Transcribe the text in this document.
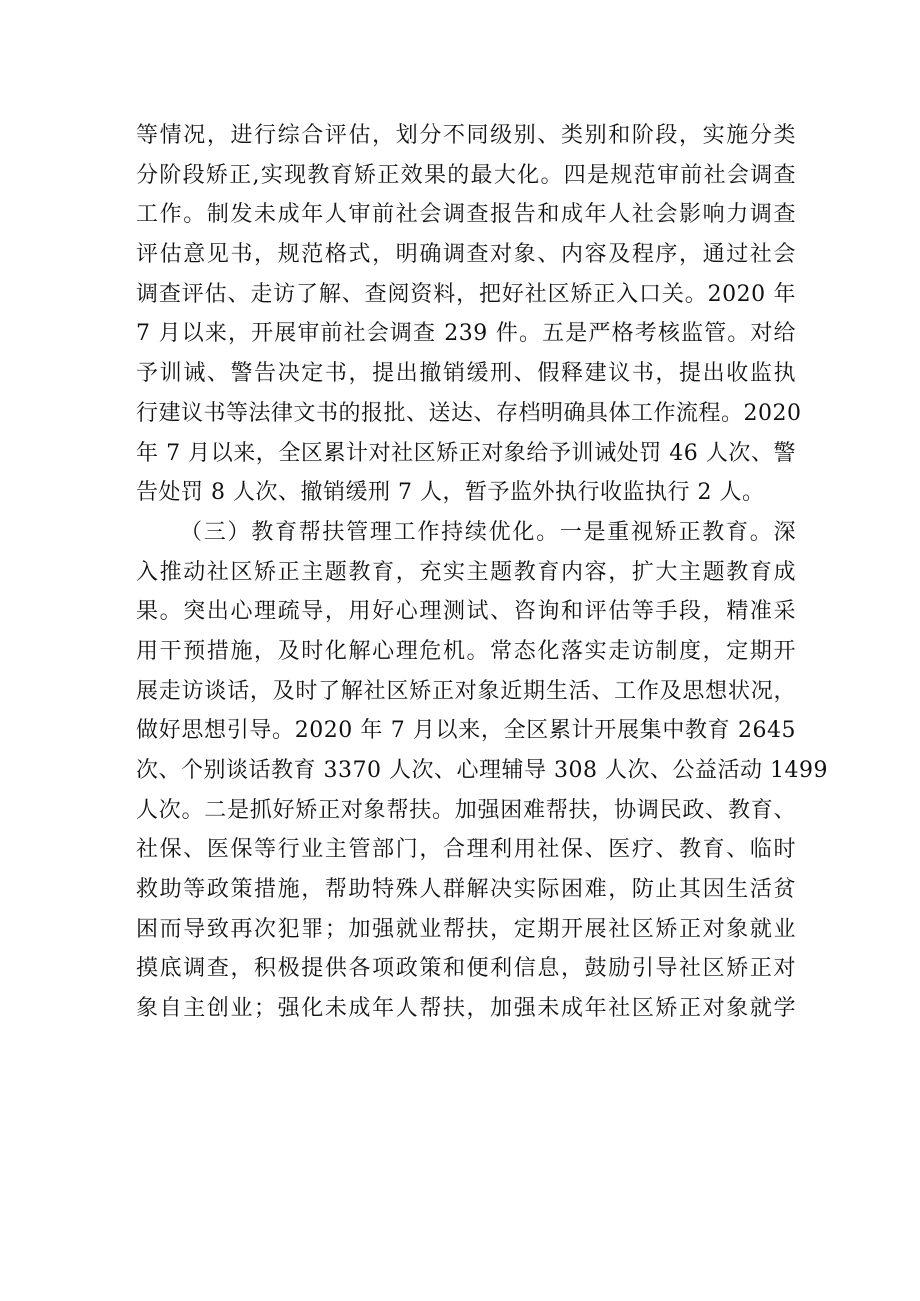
等情况，进行综合评估，划分不同级别、类别和阶段，实施分类
分阶段矫正,实现教育矫正效果的最大化。四是规范审前社会调查
工作。制发未成年人审前社会调查报告和成年人社会影响力调查
评估意见书，规范格式，明确调查对象、内容及程序，通过社会
调查评估、走访了解、查阅资料，把好社区矫正入口关。2020 年
7 月以来，开展审前社会调查 239 件。五是严格考核监管。对给
予训诫、警告决定书，提出撤销缓刑、假释建议书，提出收监执
行建议书等法律文书的报批、送达、存档明确具体工作流程。2020
年 7 月以来，全区累计对社区矫正对象给予训诫处罚 46 人次、警
告处罚 8 人次、撤销缓刑 7 人，暂予监外执行收监执行 2 人。
（三）教育帮扶管理工作持续优化。一是重视矫正教育。深
入推动社区矫正主题教育，充实主题教育内容，扩大主题教育成
果。突出心理疏导，用好心理测试、咨询和评估等手段，精准采
用干预措施，及时化解心理危机。常态化落实走访制度，定期开
展走访谈话，及时了解社区矫正对象近期生活、工作及思想状况，
做好思想引导。2020 年 7 月以来，全区累计开展集中教育 2645
次、个别谈话教育 3370 人次、心理辅导 308 人次、公益活动 1499
人次。二是抓好矫正对象帮扶。加强困难帮扶，协调民政、教育、
社保、医保等行业主管部门，合理利用社保、医疗、教育、临时
救助等政策措施，帮助特殊人群解决实际困难，防止其因生活贫
困而导致再次犯罪；加强就业帮扶，定期开展社区矫正对象就业
摸底调查，积极提供各项政策和便利信息，鼓励引导社区矫正对
象自主创业；强化未成年人帮扶，加强未成年社区矫正对象就学
